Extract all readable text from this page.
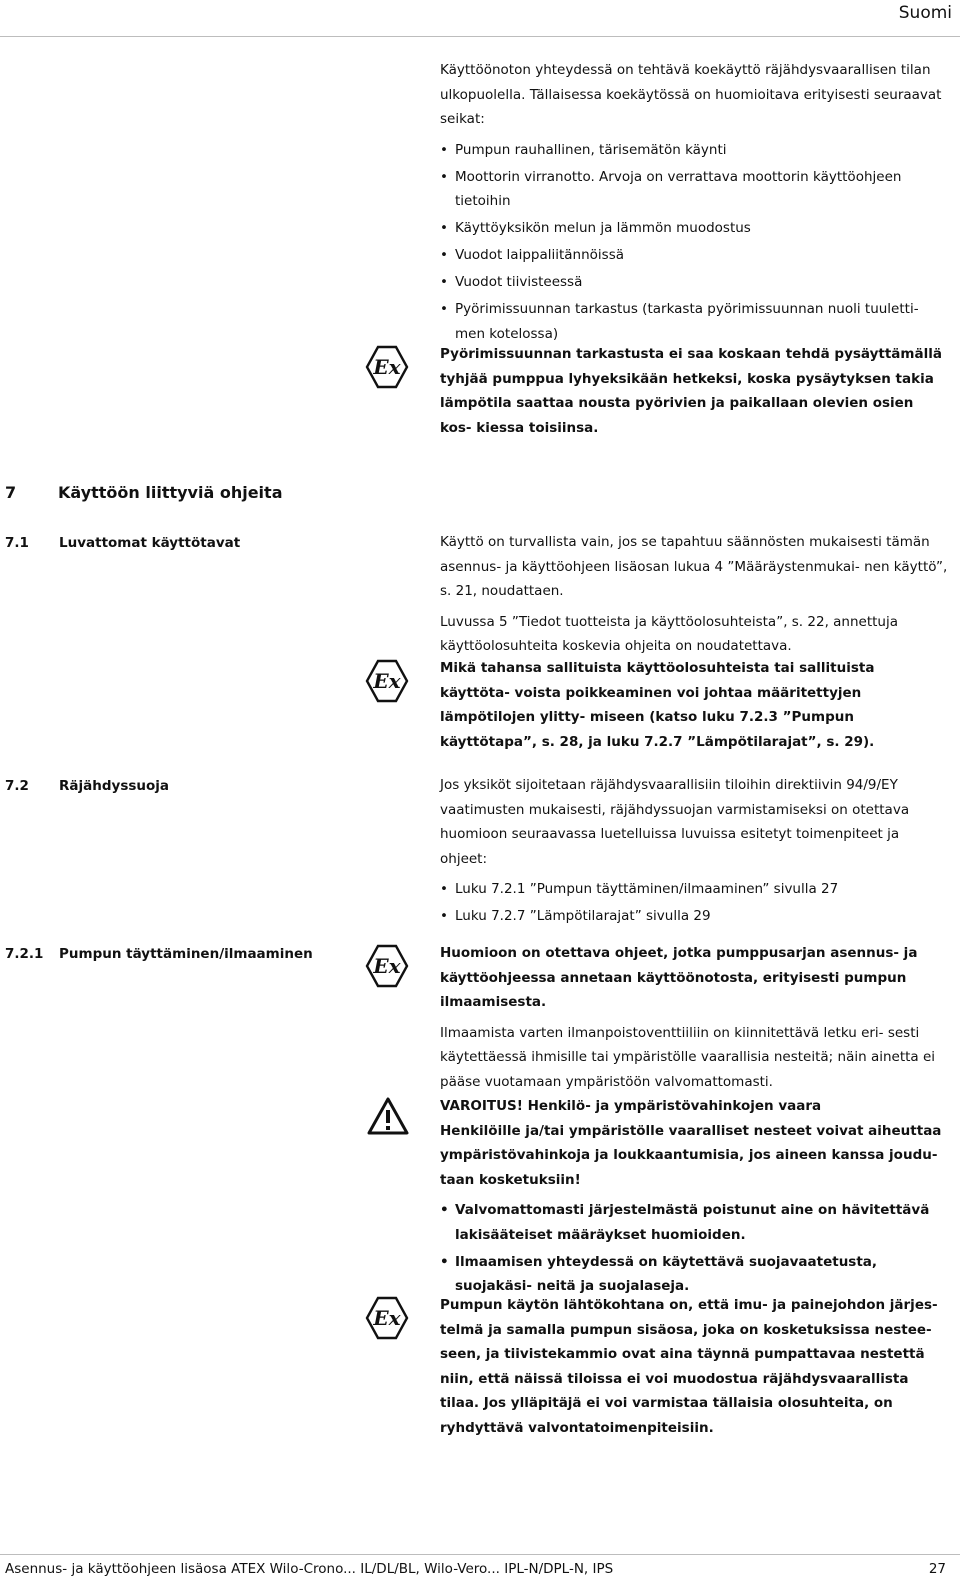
Suomi

Käyttöönoton yhteydessä on tehtävä koekäyttö räjähdysvaarallisen tilan ulkopuolella. Tällaisessa koekäytössä on huomioitava erityisesti seuraavat seikat:

• Pumpun rauhallinen, tärisemätön käynti
• Moottorin virranotto. Arvoja on verrattava moottorin käyttöohjeen tietoihin
• Käyttöyksikön melun ja lämmön muodostus
• Vuodot laippaliitännöissä
• Vuodot tiivisteessä
• Pyörimissuunnan tarkastus (tarkasta pyörimissuunnan nuoli tuuletti- men kotelossa)
Ex

Pyörimissuunnan tarkastusta ei saa koskaan tehdä pysäyttämällä tyhjää pumppua lyhyeksikään hetkeksi, koska pysäytyksen takia lämpötila saattaa nousta pyörivien ja paikallaan olevien osien kos- kiessa toisiinsa.

7	Käyttöön liittyviä ohjeita
7.1 Luvattomat käyttötavat	Käyttö on turvallista vain, jos se tapahtuu säännösten mukaisesti tämän asennus- ja käyttöohjeen lisäosan lukua 4 ”Määräystenmukai- nen käyttö”, s. 21, noudattaen.

Luvussa 5 ”Tiedot tuotteista ja käyttöolosuhteista”, s. 22, annettuja käyttöolosuhteita koskevia ohjeita on noudatettava.

Ex

Mikä tahansa sallituista käyttöolosuhteista tai sallituista käyttöta- voista poikkeaminen voi johtaa määritettyjen lämpötilojen ylitty- miseen (katso luku 7.2.3 ”Pumpun käyttötapa”, s. 28, ja luku 7.2.7 ”Lämpötilarajat”, s. 29).

7.2 Räjähdyssuoja	Jos yksiköt sijoitetaan räjähdysvaarallisiin tiloihin direktiivin 94/9/EY vaatimusten mukaisesti, räjähdyssuojan varmistamiseksi on otettava huomioon seuraavassa luetelluissa luvuissa esitetyt toimenpiteet ja ohjeet:

• Luku 7.2.1 ”Pumpun täyttäminen/ilmaaminen” sivulla 27
• Luku 7.2.7 ”Lämpötilarajat” sivulla 29
7.2.1 Pumpun täyttäminen/ilmaaminen	Ex

Huomioon on otettava ohjeet, jotka pumppusarjan asennus- ja käyttöohjeessa annetaan käyttöönotosta, erityisesti pumpun ilmaamisesta.

Ilmaamista varten ilmanpoistoventtiiliin on kiinnitettävä letku eri- sesti käytettäessä ihmisille tai ympäristölle vaarallisia nesteitä; näin ainetta ei pääse vuotamaan ympäristöön valvomattomasti.

VAROITUS! Henkilö- ja ympäristövahinkojen vaara

Henkilöille ja/tai ympäristölle vaaralliset nesteet voivat aiheuttaa ympäristövahinkoja ja loukkaantumisia, jos aineen kanssa joudu- taan kosketuksiin!

• Valvomattomasti järjestelmästä poistunut aine on hävitettävä lakisääteiset määräykset huomioiden.
• Ilmaamisen yhteydessä on käytettävä suojavaatetusta, suojakäsi- neitä ja suojalaseja.
Ex

Pumpun käytön lähtökohtana on, että imu- ja painejohdon järjes- telmä ja samalla pumpun sisäosa, joka on kosketuksissa nestee- seen, ja tiivistekammio ovat aina täynnä pumpattavaa nestettä niin, että näissä tiloissa ei voi muodostua räjähdysvaarallista tilaa. Jos ylläpitäjä ei voi varmistaa tällaisia olosuhteita, on ryhdyttävä valvontatoimenpiteisiin.

Asennus- ja käyttöohjeen lisäosa ATEX Wilo-Crono... IL/DL/BL, Wilo-Vero... IPL-N/DPL-N, IPS	27
